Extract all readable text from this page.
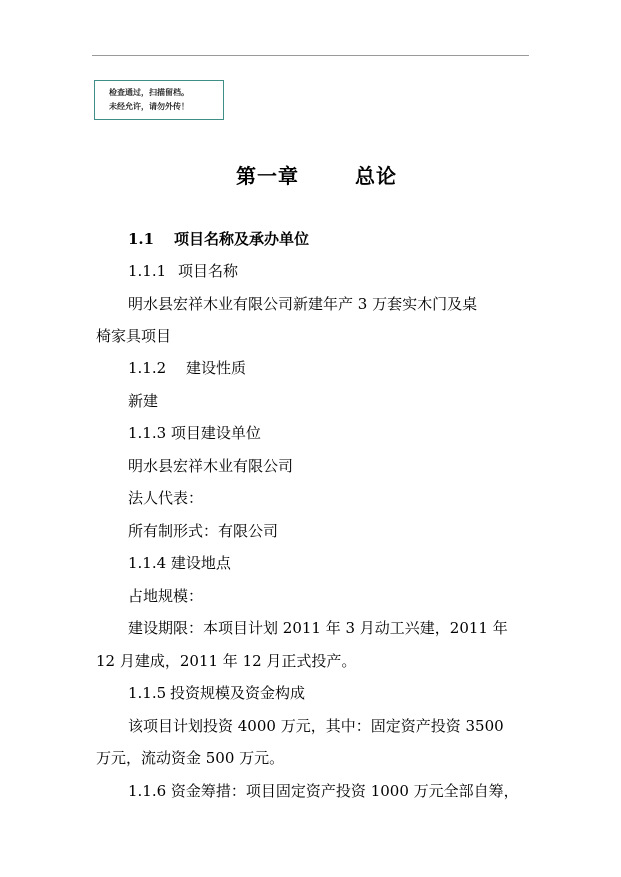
检查通过，扫描留档。
未经允许，请勿外传！
第一章	总论
1.1 项目名称及承办单位
1.1.1 项目名称
明水县宏祥木业有限公司新建年产 3 万套实木门及桌
椅家具项目
1.1.2 建设性质
新建
1.1.3 项目建设单位
明水县宏祥木业有限公司
法人代表：
所有制形式：有限公司
1.1.4 建设地点
占地规模：
建设期限：本项目计划 2011 年 3 月动工兴建，2011 年
12 月建成，2011 年 12 月正式投产。
1.1.5 投资规模及资金构成
该项目计划投资 4000 万元，其中：固定资产投资 3500
万元，流动资金 500 万元。
1.1.6 资金筹措：项目固定资产投资 1000 万元全部自筹，
